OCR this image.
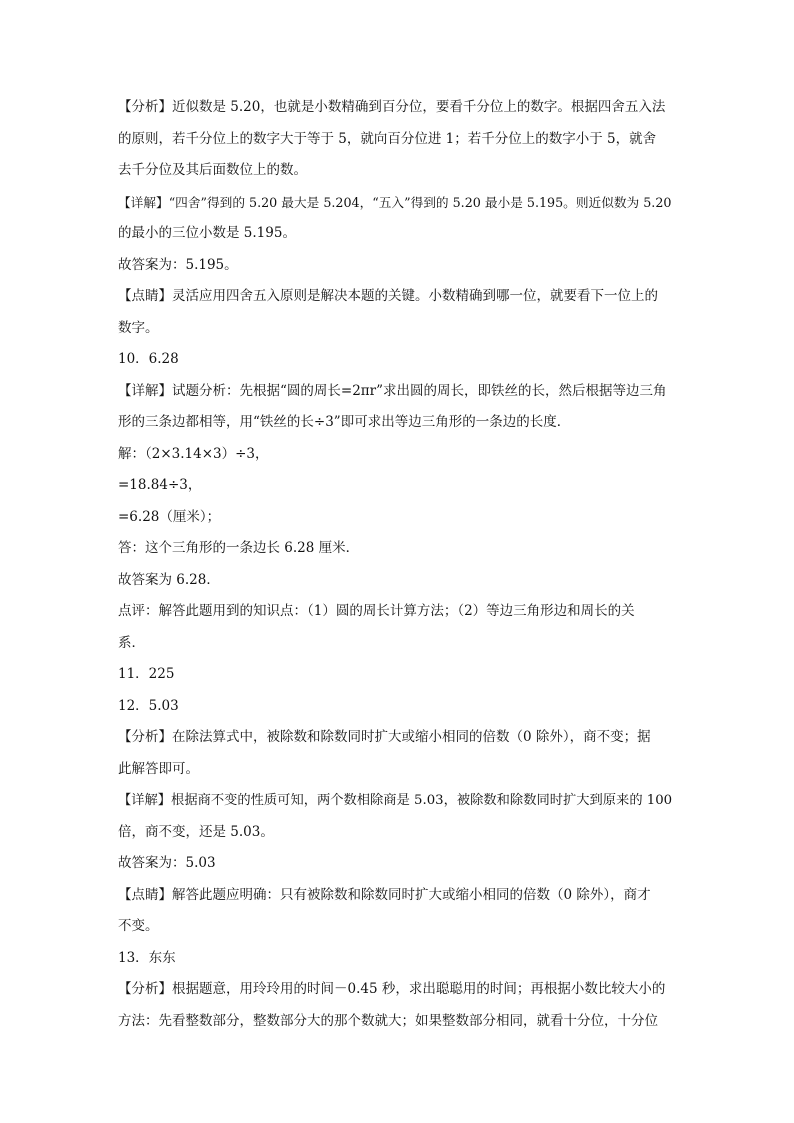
【分析】近似数是 5.20，也就是小数精确到百分位，要看千分位上的数字。根据四舍五入法
的原则，若千分位上的数字大于等于 5，就向百分位进 1；若千分位上的数字小于 5，就舍
去千分位及其后面数位上的数。
【详解】“四舍”得到的 5.20 最大是 5.204，“五入”得到的 5.20 最小是 5.195。则近似数为 5.20
的最小的三位小数是 5.195。
故答案为：5.195。
【点睛】灵活应用四舍五入原则是解决本题的关键。小数精确到哪一位，就要看下一位上的
数字。
10．6.28
【详解】试题分析：先根据“圆的周长=2πr”求出圆的周长，即铁丝的长，然后根据等边三角
形的三条边都相等，用“铁丝的长÷3”即可求出等边三角形的一条边的长度．
解：（2×3.14×3）÷3，
=18.84÷3，
=6.28（厘米）；
答：这个三角形的一条边长 6.28 厘米．
故答案为 6.28．
点评：解答此题用到的知识点：（1）圆的周长计算方法；（2）等边三角形边和周长的关
系．
11．225
12．5.03
【分析】在除法算式中，被除数和除数同时扩大或缩小相同的倍数（0 除外），商不变；据
此解答即可。
【详解】根据商不变的性质可知，两个数相除商是 5.03，被除数和除数同时扩大到原来的 100
倍，商不变，还是 5.03。
故答案为：5.03
【点睛】解答此题应明确：只有被除数和除数同时扩大或缩小相同的倍数（0 除外），商才
不变。
13．东东
【分析】根据题意，用玲玲用的时间－0.45 秒，求出聪聪用的时间；再根据小数比较大小的
方法：先看整数部分，整数部分大的那个数就大；如果整数部分相同，就看十分位，十分位
